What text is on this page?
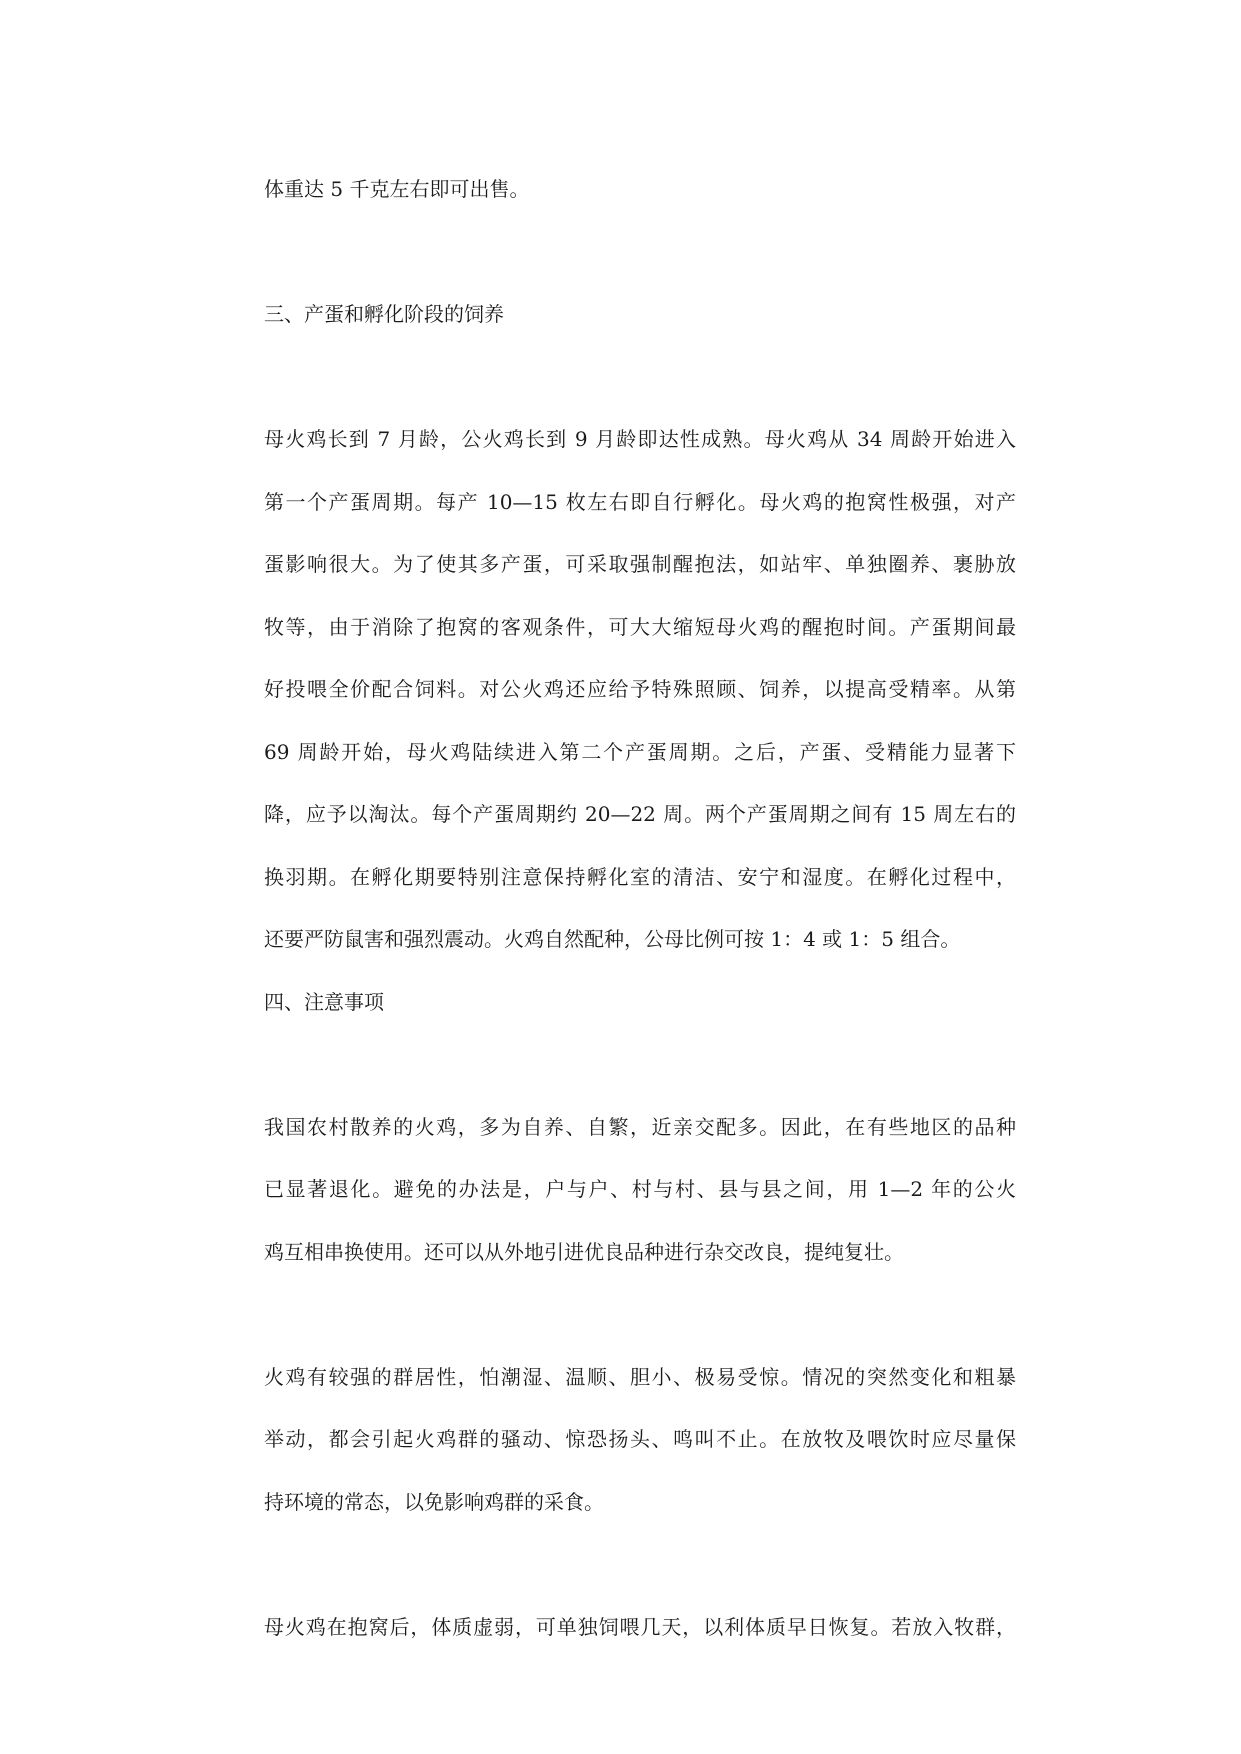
体重达 5 千克左右即可出售。
三、产蛋和孵化阶段的饲养
母火鸡长到 7 月龄，公火鸡长到 9 月龄即达性成熟。母火鸡从 34 周龄开始进入
第一个产蛋周期。每产 10—15 枚左右即自行孵化。母火鸡的抱窝性极强，对产
蛋影响很大。为了使其多产蛋，可采取强制醒抱法，如站牢、单独圈养、裹胁放
牧等，由于消除了抱窝的客观条件，可大大缩短母火鸡的醒抱时间。产蛋期间最
好投喂全价配合饲料。对公火鸡还应给予特殊照顾、饲养，以提高受精率。从第
69 周龄开始，母火鸡陆续进入第二个产蛋周期。之后，产蛋、受精能力显著下
降，应予以淘汰。每个产蛋周期约 20—22 周。两个产蛋周期之间有 15 周左右的
换羽期。在孵化期要特别注意保持孵化室的清洁、安宁和湿度。在孵化过程中，
还要严防鼠害和强烈震动。火鸡自然配种，公母比例可按 1：4 或 1：5 组合。
四、注意事项
我国农村散养的火鸡，多为自养、自繁，近亲交配多。因此，在有些地区的品种
已显著退化。避免的办法是，户与户、村与村、县与县之间，用 1—2 年的公火
鸡互相串换使用。还可以从外地引进优良品种进行杂交改良，提纯复壮。
火鸡有较强的群居性，怕潮湿、温顺、胆小、极易受惊。情况的突然变化和粗暴
举动，都会引起火鸡群的骚动、惊恐扬头、鸣叫不止。在放牧及喂饮时应尽量保
持环境的常态，以免影响鸡群的采食。
母火鸡在抱窝后，体质虚弱，可单独饲喂几天，以利体质早日恢复。若放入牧群，
